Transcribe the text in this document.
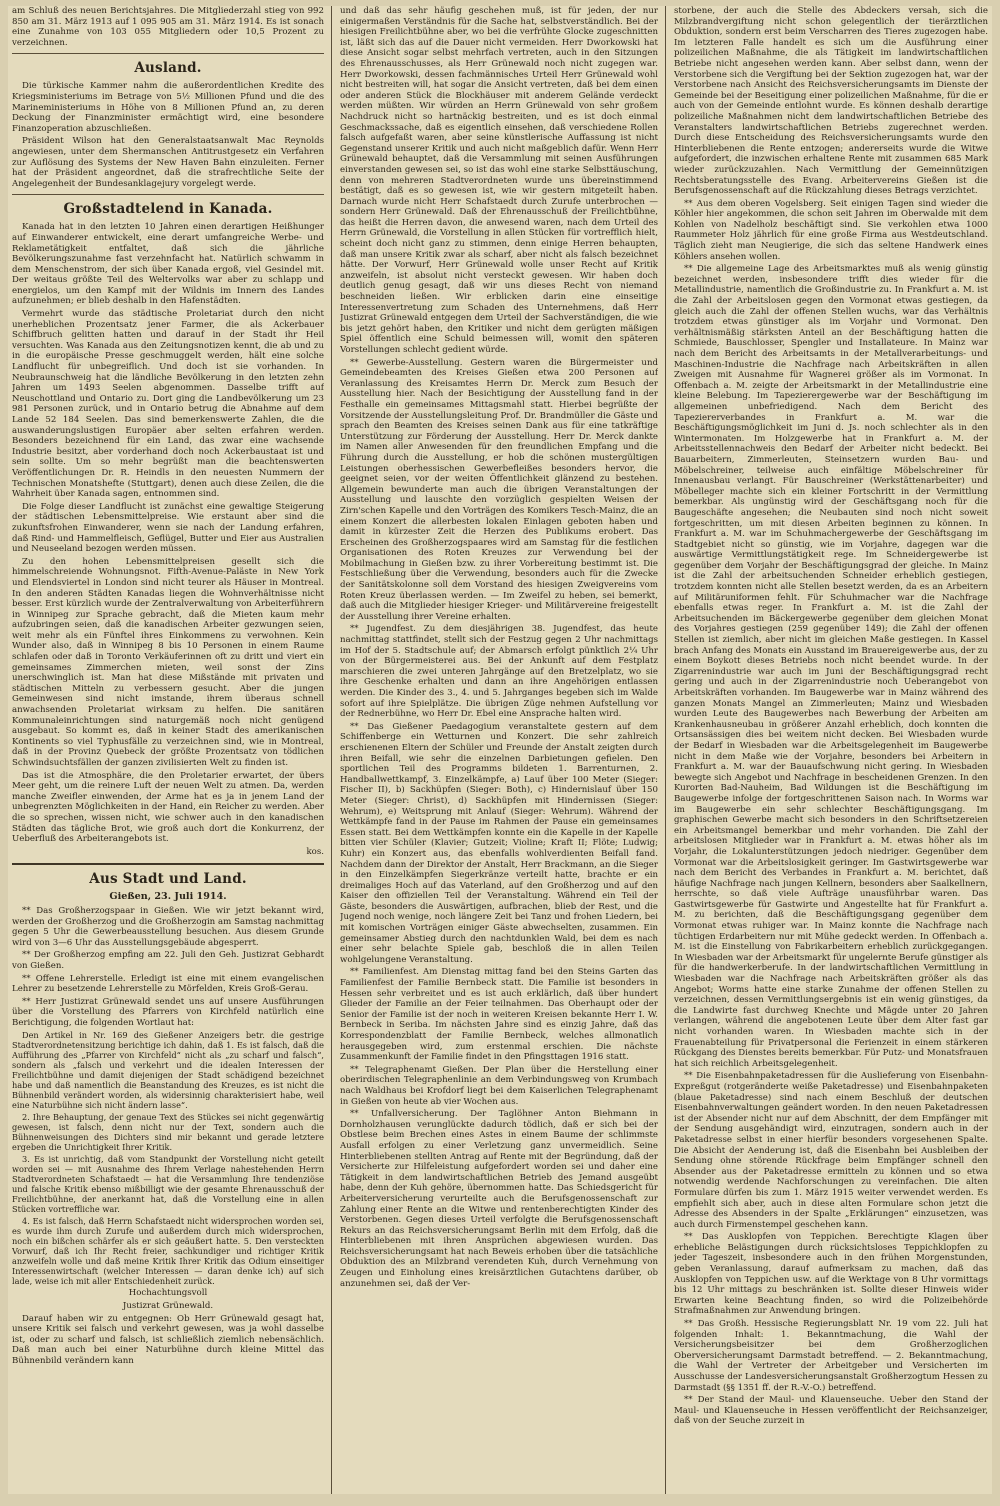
am Schluß des neuen Berichtsjahres. Die Mitgliederzahl stieg von 992 850 am 31. März 1913 auf 1 095 905 am 31. März 1914. Es ist sonach eine Zunahme von 103 055 Mitgliedern oder 10,5 Prozent zu verzeichnen.

Ausland.

Die türkische Kammer nahm die außerordentlichen Kredite des Kriegsministeriums im Betrage von 5½ Millionen Pfund und die des Marineministeriums in Höhe von 8 Millionen Pfund an, zu deren Deckung der Finanzminister ermächtigt wird, eine besondere Finanzoperation abzuschließen.

Präsident Wilson hat den Generalstaatsanwalt Mac Reynolds angewiesen, unter dem Shermanschen Antitrustgesetz ein Verfahren zur Auflösung des Systems der New Haven Bahn einzuleiten. Ferner hat der Präsident angeordnet, daß die strafrechtliche Seite der Angelegenheit der Bundesanklagejury vorgelegt werde.

Großstadtelend in Kanada.

Kanada hat in den letzten 10 Jahren einen derartigen Heißhunger auf Einwanderer entwickelt, eine derart umfangreiche Werbe- und Reklametätigkeit entfaltet, daß sich die jährliche Bevölkerungszunahme fast verzehnfacht hat. Natürlich schwamm in dem Menschenstrom, der sich über Kanada ergoß, viel Gesindel mit. Der weitaus größte Teil des Weltervolks war aber zu schlapp und energielos, um den Kampf mit der Wildnis im Innern des Landes aufzunehmen; er blieb deshalb in den Hafenstädten.

Vermehrt wurde das städtische Proletariat durch den nicht unerheblichen Prozentsatz jener Farmer, die als Ackerbauer Schiffbruch gelitten hatten und darauf in der Stadt ihr Heil versuchten. Was Kanada aus den Zeitungsnotizen kennt, die ab und zu in die europäische Presse geschmuggelt werden, hält eine solche Landflucht für unbegreiflich. Und doch ist sie vorhanden. In Neubraunschweig hat die ländliche Bevölkerung in den letzten zehn Jahren um 1493 Seelen abgenommen. Dasselbe trifft auf Neuschottland und Ontario zu. Dort ging die Landbevölkerung um 23 981 Personen zurück, und in Ontario betrug die Abnahme auf dem Lande 52 184 Seelen. Das sind bemerkenswerte Zahlen, die die auswanderungslustigen Europäer aber selten erfahren werden. Besonders bezeichnend für ein Land, das zwar eine wachsende Industrie besitzt, aber vorderhand doch noch Ackerbaustaat ist und sein sollte. Um so mehr begrüßt man die beachtenswerten Veröffentlichungen Dr. R. Heindls in den neuesten Nummern der Technischen Monatshefte (Stuttgart), denen auch diese Zeilen, die die Wahrheit über Kanada sagen, entnommen sind.

Die Folge dieser Landflucht ist zunächst eine gewaltige Steigerung der städtischen Lebensmittelpreise. Wie erstaunt aber sind die zukunftsfrohen Einwanderer, wenn sie nach der Landung erfahren, daß Rind- und Hammelfleisch, Geflügel, Butter und Eier aus Australien und Neuseeland bezogen werden müssen.

Zu den hohen Lebensmittelpreisen gesellt sich die himmelschreiende Wohnungsnot. Fifth-Avenue-Paläste in New York und Elendsviertel in London sind nicht teurer als Häuser in Montreal. In den anderen Städten Kanadas liegen die Wohnverhältnisse nicht besser. Erst kürzlich wurde der Zentralverwaltung von Arbeiterführern in Winnipeg zur Sprache gebracht, daß die Mieten kaum mehr aufzubringen seien, daß die kanadischen Arbeiter gezwungen seien, weit mehr als ein Fünftel ihres Einkommens zu verwohnen. Kein Wunder also, daß in Winnipeg 8 bis 10 Personen in einem Raume schlafen oder daß in Toronto Verkäuferinnen oft zu dritt und viert ein gemeinsames Zimmerchen mieten, weil sonst der Zins unerschwinglich ist. Man hat diese Mißstände mit privaten und städtischen Mitteln zu verbessern gesucht. Aber die jungen Gemeinwesen sind nicht imstande, ihrem überaus schnell anwachsenden Proletariat wirksam zu helfen. Die sanitären Kommunaleinrichtungen sind naturgemäß noch nicht genügend ausgebaut. So kommt es, daß in keiner Stadt des amerikanischen Kontinents so viel Typhusfälle zu verzeichnen sind, wie in Montreal, daß in der Provinz Quebeck der größte Prozentsatz von tödlichen Schwindsuchtsfällen der ganzen zivilisierten Welt zu finden ist.

Das ist die Atmosphäre, die den Proletarier erwartet, der übers Meer geht, um die reinere Luft der neuen Welt zu atmen. Da, werden manche Zweifler einwenden, der Arme hat es ja in jenem Land der unbegrenzten Möglichkeiten in der Hand, ein Reicher zu werden. Aber die so sprechen, wissen nicht, wie schwer auch in den kanadischen Städten das tägliche Brot, wie groß auch dort die Konkurrenz, der Ueberfluß des Arbeiterangebots ist.

kos.

Aus Stadt und Land.

Gießen, 23. Juli 1914.

** Das Großherzogspaar in Gießen. Wie wir jetzt bekannt wird, werden der Großherzog und die Großherzogin am Samstag nachmittag gegen 5 Uhr die Gewerbeausstellung besuchen. Aus diesem Grunde wird von 3—6 Uhr das Ausstellungsgebäude abgesperrt.

** Der Großherzog empfing am 22. Juli den Geh. Justizrat Gebhardt von Gießen.

** Offene Lehrerstelle. Erledigt ist eine mit einem evangelischen Lehrer zu besetzende Lehrerstelle zu Mörfelden, Kreis Groß-Gerau.

** Herr Justizrat Grünewald sendet uns auf unsere Ausführungen über die Vorstellung des Pfarrers von Kirchfeld natürlich eine Berichtigung, die folgenden Wortlaut hat:

Den Artikel in Nr. 169 des Gießener Anzeigers betr. die gestrige Stadtverordnetensitzung berichtige ich dahin, daß 1. Es ist falsch, daß die Aufführung des „Pfarrer von Kirchfeld“ nicht als „zu scharf und falsch“, sondern als „falsch und verkehrt und die idealen Interessen der Freilichtbühne und damit diejenigen der Stadt schädigend bezeichnet habe und daß namentlich die Beanstandung des Kreuzes, es ist nicht die Bühnenbild verändert worden, als widersinnig charakterisiert habe, weil eine Naturbühne sich nicht ändern lasse“.

2. Ihre Behauptung, der genaue Text des Stückes sei nicht gegenwärtig gewesen, ist falsch, denn nicht nur der Text, sondern auch die Bühnenweisungen des Dichters sind mir bekannt und gerade letztere ergeben die Unrichtigkeit Ihrer Kritik.

3. Es ist unrichtig, daß vom Standpunkt der Vorstellung nicht geteilt worden sei — mit Ausnahme des Ihrem Verlage nahestehenden Herrn Stadtverordneten Schafstaedt — hat die Versammlung Ihre tendenziöse und falsche Kritik ebenso mißbilligt wie der gesamte Ehrenausschuß der Freilichtbühne, der anerkannt hat, daß die Vorstellung eine in allen Stücken vortreffliche war.

4. Es ist falsch, daß Herrn Schafstaedt nicht widersprochen worden sei, es wurde ihm durch Zurufe und außerdem durch mich widersprochen, noch ein bißchen schärfer als er sich geäußert hatte. 5. Den versteckten Vorwurf, daß ich Ihr Recht freier, sachkundiger und richtiger Kritik anzweifeln wolle und daß meine Kritik Ihrer Kritik das Odium einseitiger Interessenwirtschaft (welcher Interessen — daran denke ich) auf sich lade, weise ich mit aller Entschiedenheit zurück.

Hochachtungsvoll

Justizrat Grünewald.

Darauf haben wir zu entgegnen: Ob Herr Grünewald gesagt hat, unsere Kritik sei falsch und verkehrt gewesen, was ja wohl dasselbe ist, oder zu scharf und falsch, ist schließlich ziemlich nebensächlich. Daß man auch bei einer Naturbühne durch kleine Mittel das Bühnenbild verändern kann

und daß das sehr häufig geschehen muß, ist für jeden, der nur einigermaßen Verständnis für die Sache hat, selbstverständlich. Bei der hiesigen Freilichtbühne aber, wo bei die verfrühte Glocke zugeschnitten ist, läßt sich das auf die Dauer nicht vermeiden. Herr Dworkowski hat diese Ansicht sogar selbst mehrfach vertreten, auch in den Sitzungen des Ehrenausschusses, als Herr Grünewald noch nicht zugegen war. Herr Dworkowski, dessen fachmännisches Urteil Herr Grünewald wohl nicht bestreiten will, hat sogar die Ansicht vertreten, daß bei dem einen oder anderen Stück die Blockhäuser mit anderem Gelände verdeckt werden müßten. Wir würden an Herrn Grünewald von sehr großem Nachdruck nicht so hartnäckig bestreiten, und es ist doch einmal Geschmackssache, daß es eigentlich einsehen, daß verschiedene Rollen falsch aufgefaßt waren, aber seine künstlerische Auffassung ist nicht Gegenstand unserer Kritik und auch nicht maßgeblich dafür. Wenn Herr Grünewald behauptet, daß die Versammlung mit seinen Ausführungen einverstanden gewesen sei, so ist das wohl eine starke Selbsttäuschung, denn von mehreren Stadtverordneten wurde uns übereinstimmend bestätigt, daß es so gewesen ist, wie wir gestern mitgeteilt haben. Darnach wurde nicht Herr Schafstaedt durch Zurufe unterbrochen — sondern Herr Grünewald. Daß der Ehrenausschuß der Freilichtbühne, das heißt die Herren davon, die anwesend waren, nach dem Urteil des Herrn Grünewald, die Vorstellung in allen Stücken für vortrefflich hielt, scheint doch nicht ganz zu stimmen, denn einige Herren behaupten, daß man unsere Kritik zwar als scharf, aber nicht als falsch bezeichnet hätte. Der Vorwurf, Herr Grünewald wolle unser Recht auf Kritik anzweifeln, ist absolut nicht versteckt gewesen. Wir haben doch deutlich genug gesagt, daß wir uns dieses Recht von niemand beschneiden ließen. Wir erblicken darin eine einseitige Interessenvertretung zum Schaden des Unternehmens, daß Herr Justizrat Grünewald entgegen dem Urteil der Sachverständigen, die wie bis jetzt gehört haben, den Kritiker und nicht dem gerügten mäßigen Spiel öffentlich eine Schuld beimessen will, womit den späteren Vorstellungen schlecht gedient würde.

** Gewerbe-Ausstellung. Gestern waren die Bürgermeister und Gemeindebeamten des Kreises Gießen etwa 200 Personen auf Veranlassung des Kreisamtes Herrn Dr. Merck zum Besuch der Ausstellung hier. Nach der Besichtigung der Ausstellung fand in der Festhalle ein gemeinsames Mittagsmahl statt. Hierbei begrüßte der Vorsitzende der Ausstellungsleitung Prof. Dr. Brandmüller die Gäste und sprach den Beamten des Kreises seinen Dank aus für eine tatkräftige Unterstützung zur Förderung der Ausstellung. Herr Dr. Merck dankte im Namen aller Anwesenden für den freundlichen Empfang und die Führung durch die Ausstellung, er hob die schönen mustergültigen Leistungen oberhessischen Gewerbefleißes besonders hervor, die geeignet seien, vor der weiten Öffentlichkeit glänzend zu bestehen. Allgemein bewunderte man auch die übrigen Veranstaltungen der Ausstellung und lauschte den vorzüglich gespielten Weisen der Zirn'schen Kapelle und den Vorträgen des Komikers Tesch-Mainz, die an einem Konzert die allerbesten lokalen Einlagen geboten haben und damit in kürzester Zeit die Herzen des Publikums erobert. Das Erscheinen des Großherzogspaares wird am Samstag für die festlichen Organisationen des Roten Kreuzes zur Verwendung bei der Mobilmachung in Gießen bzw. zu ihrer Vorbereitung bestimmt ist. Die Festschließung über die Verwendung, besonders auch für die Zwecke der Sanitätskolonne soll dem Vorstand des hiesigen Zweigvereins vom Roten Kreuz überlassen werden. — Im Zweifel zu heben, sei bemerkt, daß auch die Mitglieder hiesiger Krieger- und Militärvereine freigestellt der Ausstellung ihrer Vereine erhalten.

** Jugendfest. Zu dem diesjährigen 38. Jugendfest, das heute nachmittag stattfindet, stellt sich der Festzug gegen 2 Uhr nachmittags im Hof der 5. Stadtschule auf; der Abmarsch erfolgt pünktlich 2¼ Uhr von der Bürgermeisterei aus. Bei der Ankunft auf dem Festplatz marschieren die zwei unteren Jahrgänge auf den Bretzelplatz, wo sie ihre Geschenke erhalten und dann an ihre Angehörigen entlassen werden. Die Kinder des 3., 4. und 5. Jahrganges begeben sich im Walde sofort auf ihre Spielplätze. Die übrigen Züge nehmen Aufstellung vor der Rednerbühne, wo Herr Dr. Ebel eine Ansprache halten wird.

** Das Gießener Paedagogium veranstaltete gestern auf dem Schiffenberge ein Wetturnen und Konzert. Die sehr zahlreich erschienenen Eltern der Schüler und Freunde der Anstalt zeigten durch ihren Beifall, wie sehr die einzelnen Darbietungen gefielen. Den sportlichen Teil des Programms bildeten 1. Barrenturnen, 2. Handballwettkampf, 3. Einzelkämpfe, a) Lauf über 100 Meter (Sieger: Fischer II), b) Sackhüpfen (Sieger: Both), c) Hindernislauf über 150 Meter (Sieger: Christ), d) Sackhüpfen mit Hindernissen (Sieger: Wehrum), e) Weitsprung mit Anlauf (Sieger: Wehrum). Während der Wettkämpfe fand in der Pause im Rahmen der Pause ein gemeinsames Essen statt. Bei dem Wettkämpfen konnte ein die Kapelle in der Kapelle bitten vier Schüler (Klavier; Gutzeit; Violine; Kraft II; Flöte; Ludwig; Kuhr) ein Konzert aus, das ebenfalls wohlverdienten Beifall fand. Nachdem dann der Direktor der Anstalt, Herr Brackmann, an die Sieger in den Einzelkämpfen Siegerkränze verteilt hatte, brachte er ein dreimaliges Hoch auf das Vaterland, auf den Großherzog und auf den Kaiser den offiziellen Teil der Veranstaltung. Während ein Teil der Gäste, besonders die Auswärtigen, aufbrachen, blieb der Rest, und die Jugend noch wenige, noch längere Zeit bei Tanz und frohen Liedern, bei mit komischen Vorträgen einiger Gäste abwechselten, zusammen. Ein gemeinsamer Abstieg durch den nachtdunklen Wald, bei dem es nach einer sehr belachte Spiele gab, beschloß die in allen Teilen wohlgelungene Veranstaltung.

** Familienfest. Am Dienstag mittag fand bei den Steins Garten das Familienfest der Familie Bernbeck statt. Die Familie ist besonders in Hessen sehr verbreitet und es ist auch erklärlich, daß über hundert Glieder der Familie an der Feier teilnahmen. Das Oberhaupt oder der Senior der Familie ist der noch in weiteren Kreisen bekannte Herr I. W. Bernbeck in Seriba. Im nächsten Jahre sind es einzig Jahre, daß das Korrespondenzblatt der Familie Bernbeck, welches allmonatlich herausgegeben wird, zum erstenmal erschien. Die nächste Zusammenkunft der Familie findet in den Pfingsttagen 1916 statt.

** Telegraphenamt Gießen. Der Plan über die Herstellung einer oberirdischen Telegraphenlinie an dem Verbindungsweg von Krumbach nach Waldhaus bei Krofdorf liegt bei dem Kaiserlichen Telegraphenamt in Gießen von heute ab vier Wochen aus.

** Unfallversicherung. Der Taglöhner Anton Biehmann in Dornholzhausen verunglückte dadurch tödlich, daß er sich bei der Obstlese beim Brechen eines Astes in einem Baume der schlimmste Ausfall erfolgen zu einer Verletzung ganz unvermeidlich. Seine Hinterbliebenen stellten Antrag auf Rente mit der Begründung, daß der Versicherte zur Hilfeleistung aufgefordert worden sei und daher eine Tätigkeit in dem landwirtschaftlichen Betrieb des Jemand ausgeübt habe, denn der Kuh gehöre, übernommen hatte. Das Schiedsgericht für Arbeiterversicherung verurteilte auch die Berufsgenossenschaft zur Zahlung einer Rente an die Witwe und rentenberechtigten Kinder des Verstorbenen. Gegen dieses Urteil verfolgte die Berufsgenossenschaft Rekurs an das Reichsversicherungsamt Berlin mit dem Erfolg, daß die Hinterbliebenen mit ihren Ansprüchen abgewiesen wurden. Das Reichsversicherungsamt hat nach Beweis erhoben über die tatsächliche Obduktion des an Milzbrand verendeten Kuh, durch Vernehmung von Zeugen und Einholung eines kreisärztlichen Gutachtens darüber, ob anzunehmen sei, daß der Ver-

storbene, der auch die Stelle des Abdeckers versah, sich die Milzbrandvergiftung nicht schon gelegentlich der tierärztlichen Obduktion, sondern erst beim Verscharren des Tieres zugezogen habe. Im letzteren Falle handelt es sich um die Ausführung einer polizeilichen Maßnahme, die als Tätigkeit im landwirtschaftlichen Betriebe nicht angesehen werden kann. Aber selbst dann, wenn der Verstorbene sich die Vergiftung bei der Sektion zugezogen hat, war der Verstorbene nach Ansicht des Reichsversicherungsamts im Dienste der Gemeinde bei der Beseitigung einer polizeilichen Maßnahme, für die er auch von der Gemeinde entlohnt wurde. Es können deshalb derartige polizeiliche Maßnahmen nicht dem landwirtschaftlichen Betriebe des Veranstalters landwirtschaftlichen Betriebs zugerechnet werden. Durch diese Entscheidung des Reichsversicherungsamts wurde den Hinterbliebenen die Rente entzogen; andererseits wurde die Witwe aufgefordert, die inzwischen erhaltene Rente mit zusammen 685 Mark wieder zurückzuzahlen. Nach Vermittlung der Gemeinnützigen Rechtsberatungsstelle des Evang. Arbeitervereins Gießen ist die Berufsgenossenschaft auf die Rückzahlung dieses Betrags verzichtet.

** Aus dem oberen Vogelsberg. Seit einigen Tagen sind wieder die Köhler hier angekommen, die schon seit Jahren im Oberwalde mit dem Kohlen von Nadelholz beschäftigt sind. Sie verkohlen etwa 1000 Raummeter Holz jährlich für eine große Firma aus Westdeutschland. Täglich zieht man Neugierige, die sich das seltene Handwerk eines Köhlers ansehen wollen.

** Die allgemeine Lage des Arbeitsmarktes muß als wenig günstig bezeichnet werden, insbesondere trifft dies wieder für die Metallindustrie, namentlich die Großindustrie zu. In Frankfurt a. M. ist die Zahl der Arbeitslosen gegen den Vormonat etwas gestiegen, da gleich auch die Zahl der offenen Stellen wuchs, war das Verhältnis trotzdem etwas günstiger als im Vorjahr und Vormonat. Den verhältnismäßig stärksten Anteil an der Beschäftigung hatten die Schmiede, Bauschlosser, Spengler und Installateure. In Mainz war nach dem Bericht des Arbeitsamts in der Metallverarbeitungs- und Maschinen-Industrie die Nachfrage nach Arbeitskräften in allen Zweigen mit Ausnahme für Wagnerei größer als im Vormonat. In Offenbach a. M. zeigte der Arbeitsmarkt in der Metallindustrie eine kleine Belebung. Im Tapezierergewerbe war der Beschäftigung im allgemeinen unbefriedigend. Nach dem Bericht des Tapeziererverbandes in Frankfurt a. M. war die Beschäftigungsmöglichkeit im Juni d. Js. noch schlechter als in den Wintermonaten. Im Holzgewerbe hat in Frankfurt a. M. der Arbeitsstellennachweis den Bedarf der Arbeiter nicht bedeckt. Bei Bauarbeitern, Zimmerleuten, Steinsetzern wurden Bau- und Möbelschreiner, teilweise auch einfältige Möbelschreiner für Innenausbau verlangt. Für Bauschreiner (Werkstättenarbeiter) und Möbelleger machte sich ein kleiner Fortschritt in der Vermittlung bemerkbar. Als ungünstig wird der Geschäftsgang noch für die Baugeschäfte angesehen; die Neubauten sind noch nicht soweit fortgeschritten, um mit diesen Arbeiten beginnen zu können. In Frankfurt a. M. war im Schuhmachergewerbe der Geschäftsgang im Stadtgebiet nicht so günstig, wie im Vorjahre, dagegen war die auswärtige Vermittlungstätigkeit rege. Im Schneidergewerbe ist gegenüber dem Vorjahr der Beschäftigungsgrad der gleiche. In Mainz ist die Zahl der arbeitsuchenden Schneider erheblich gestiegen, trotzdem konnten nicht alle Stellen besetzt werden, da es an Arbeitern auf Militäruniformen fehlt. Für Schuhmacher war die Nachfrage ebenfalls etwas reger. In Frankfurt a. M. ist die Zahl der Arbeitsuchenden im Bäckergewerbe gegenüber dem gleichen Monat des Vorjahres gestiegen (259 gegenüber 149); die Zahl der offenen Stellen ist ziemlich, aber nicht im gleichen Maße gestiegen. In Kassel brach Anfang des Monats ein Ausstand im Brauereigewerbe aus, der zu einem Boykott dieses Betriebs noch nicht beendet wurde. In der Zigarrenindustrie war auch im Juni der Beschäftigungsgrad recht gering und auch in der Zigarrenindustrie noch Ueberangebot von Arbeitskräften vorhanden. Im Baugewerbe war in Mainz während des ganzen Monats Mangel an Zimmerleuten; Mainz und Wiesbaden wurden Leute des Baugewerbes nach Bewerbung der Arbeiten am Krankenhausneubau in größerer Anzahl erheblich, doch konnten die Ortsansässigen dies bei weitem nicht decken. Bei Wiesbaden wurde der Bedarf in Wiesbaden war die Arbeitsgelegenheit im Baugewerbe nicht in dem Maße wie der Vorjahre, besonders bei Arbeitern in Frankfurt a. M. war der Bauaufschwung nicht gering. In Wiesbaden bewegte sich Angebot und Nachfrage in bescheidenen Grenzen. In den Kurorten Bad-Nauheim, Bad Wildungen ist die Beschäftigung im Baugewerbe infolge der fortgeschrittenen Saison nach. In Worms war im Baugewerbe ein sehr schlechter Beschäftigungsgang. Im graphischen Gewerbe macht sich besonders in den Schriftsetzereien ein Arbeitsmangel bemerkbar und mehr vorhanden. Die Zahl der arbeitslosen Mitglieder war in Frankfurt a. M. etwas höher als im Vorjahr, die Lokalunterstützungen jedoch niedriger. Gegenüber dem Vormonat war die Arbeitslosigkeit geringer. Im Gastwirtsgewerbe war nach dem Bericht des Verbandes in Frankfurt a. M. berichtet, daß häufige Nachfrage nach jungen Kellnern, besonders aber Saalkellnern, herrschte, so daß viele Aufträge unausführbar waren. Das Gastwirtsgewerbe für Gastwirte und Angestellte hat für Frankfurt a. M. zu berichten, daß die Beschäftigungsgang gegenüber dem Vormonat etwas ruhiger war. In Mainz konnte die Nachfrage nach tüchtigen Erdarbeitern nur mit Mühe gedeckt werden. In Offenbach a. M. ist die Einstellung von Fabrikarbeitern erheblich zurückgegangen. In Wiesbaden war der Arbeitsmarkt für ungelernte Berufe günstiger als für die handwerkerberufe. In der landwirtschaftlichen Vermittlung in Wiesbaden war die Nachfrage nach Arbeitskräften größer als das Angebot; Worms hatte eine starke Zunahme der offenen Stellen zu verzeichnen, dessen Vermittlungsergebnis ist ein wenig günstiges, da die Landwirte fast durchweg Knechte und Mägde unter 20 Jahren verlangen, während die angebotenen Leute über dem Alter fast gar nicht vorhanden waren. In Wiesbaden machte sich in der Frauenabteilung für Privatpersonal die Ferienzeit in einem stärkeren Rückgang des Dienstes bereits bemerkbar. Für Putz- und Monatsfrauen hat sich reichlich Arbeitsgelegenheit.

** Die Eisenbahnpaketadressen für die Auslieferung von Eisenbahn-Expreßgut (rotgeränderte weiße Paketadresse) und Eisenbahnpaketen (blaue Paketadresse) sind nach einem Beschluß der deutschen Eisenbahnverwaltungen geändert worden. In den neuen Paketadressen ist der Absender nicht nur auf dem Abschnitt, der dem Empfänger mit der Sendung ausgehändigt wird, einzutragen, sondern auch in der Paketadresse selbst in einer hierfür besonders vorgesehenen Spalte. Die Absicht der Aenderung ist, daß die Eisenbahn bei Ausbleiben der Sendung ohne störende Rückfrage beim Empfänger schnell den Absender aus der Paketadresse ermitteln zu können und so etwa notwendig werdende Nachforschungen zu vereinfachen. Die alten Formulare dürfen bis zum 1. März 1915 weiter verwendet werden. Es empfiehlt sich aber, auch in diese alten Formulare schon jetzt die Adresse des Absenders in der Spalte „Erklärungen“ einzusetzen, was auch durch Firmenstempel geschehen kann.

** Das Ausklopfen von Teppichen. Berechtigte Klagen über erhebliche Belästigungen durch rücksichtsloses Teppichklopfen zu jeder Tageszeit, insbesondere auch in den frühen Morgenstunden, geben Veranlassung, darauf aufmerksam zu machen, daß das Ausklopfen von Teppichen usw. auf die Werktage von 8 Uhr vormittags bis 12 Uhr mittags zu beschränken ist. Sollte dieser Hinweis wider Erwarten keine Beachtung finden, so wird die Polizeibehörde Strafmaßnahmen zur Anwendung bringen.

** Das Großh. Hessische Regierungsblatt Nr. 19 vom 22. Juli hat folgenden Inhalt: 1. Bekanntmachung, die Wahl der Versicherungsbeisitzer bei dem Großherzoglichen Oberversicherungsamt Darmstadt betreffend. — 2. Bekanntmachung, die Wahl der Vertreter der Arbeitgeber und Versicherten im Ausschusse der Landesversicherungsanstalt Großherzogtum Hessen zu Darmstadt (§§ 1351 ff. der R.-V.-O.) betreffend.

** Der Stand der Maul- und Klauenseuche. Ueber den Stand der Maul- und Klauenseuche in Hessen veröffentlicht der Reichsanzeiger, daß von der Seuche zurzeit in
